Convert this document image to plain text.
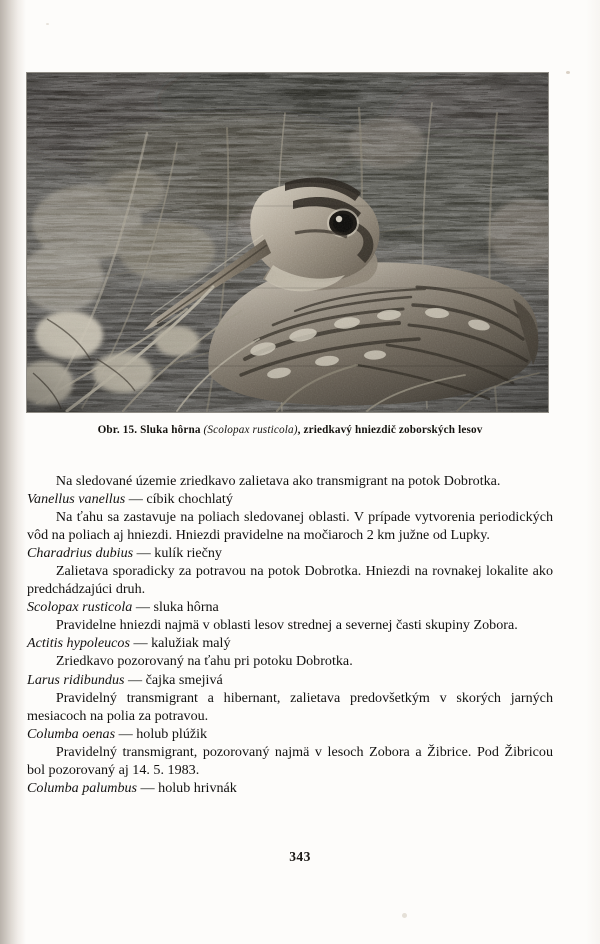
Obr. 15. Sluka hôrna (Scolopax rusticola), zriedkavý hniezdič zoborských lesov

Na sledované územie zriedkavo zalietava ako transmigrant na potok Dobrotka.

Vanellus vanellus — cíbik chochlatý

Na ťahu sa zastavuje na poliach sledovanej oblasti. V prípade vytvorenia periodických vôd na poliach aj hniezdi. Hniezdi pravidelne na močiaroch 2 km južne od Lupky.

Charadrius dubius — kulík riečny

Zalietava sporadicky za potravou na potok Dobrotka. Hniezdi na rovnakej lokalite ako predchádzajúci druh.

Scolopax rusticola — sluka hôrna

Pravidelne hniezdi najmä v oblasti lesov strednej a severnej časti skupiny Zobora.

Actitis hypoleucos — kalužiak malý

Zriedkavo pozorovaný na ťahu pri potoku Dobrotka.

Larus ridibundus — čajka smejivá

Pravidelný transmigrant a hibernant, zalietava predovšetkým v skorých jarných mesiacoch na polia za potravou.

Columba oenas — holub plúžik

Pravidelný transmigrant, pozorovaný najmä v lesoch Zobora a Žibrice. Pod Žibricou bol pozorovaný aj 14. 5. 1983.

Columba palumbus — holub hrivnák

343
